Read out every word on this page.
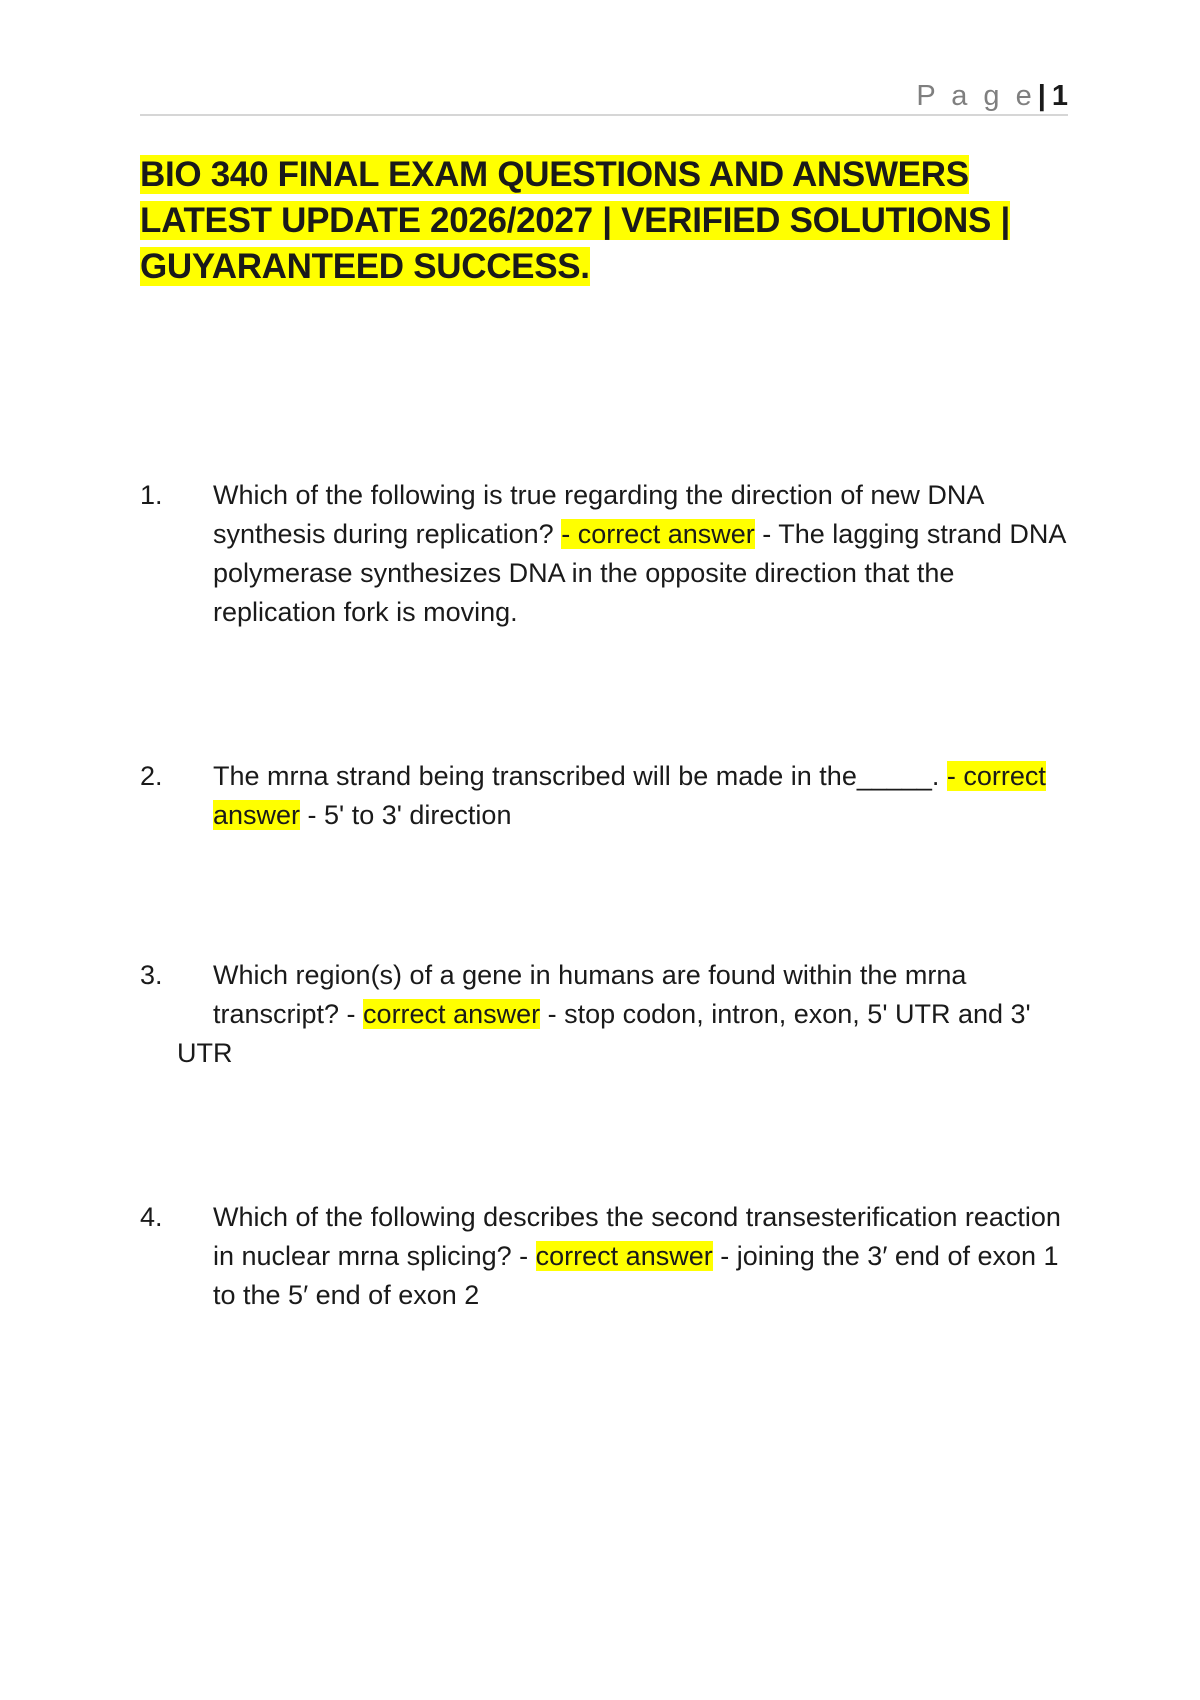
P a g e| 1
BIO 340 FINAL EXAM QUESTIONS AND ANSWERS
LATEST UPDATE 2026/2027 | VERIFIED SOLUTIONS |
GUYARANTEED SUCCESS.
1. Which of the following is true regarding the direction of new DNA synthesis during replication? - correct answer - The lagging strand DNA polymerase synthesizes DNA in the opposite direction that the replication fork is moving.

2. The mrna strand being transcribed will be made in the_____. - correct answer - 5' to 3' direction

3. Which region(s) of a gene in humans are found within the mrna
transcript? - correct answer - stop codon, intron, exon, 5' UTR and 3'

UTR
4. Which of the following describes the second transesterification reaction in nuclear mrna splicing? - correct answer - joining the 3′ end of exon 1 to the 5′ end of exon 2
